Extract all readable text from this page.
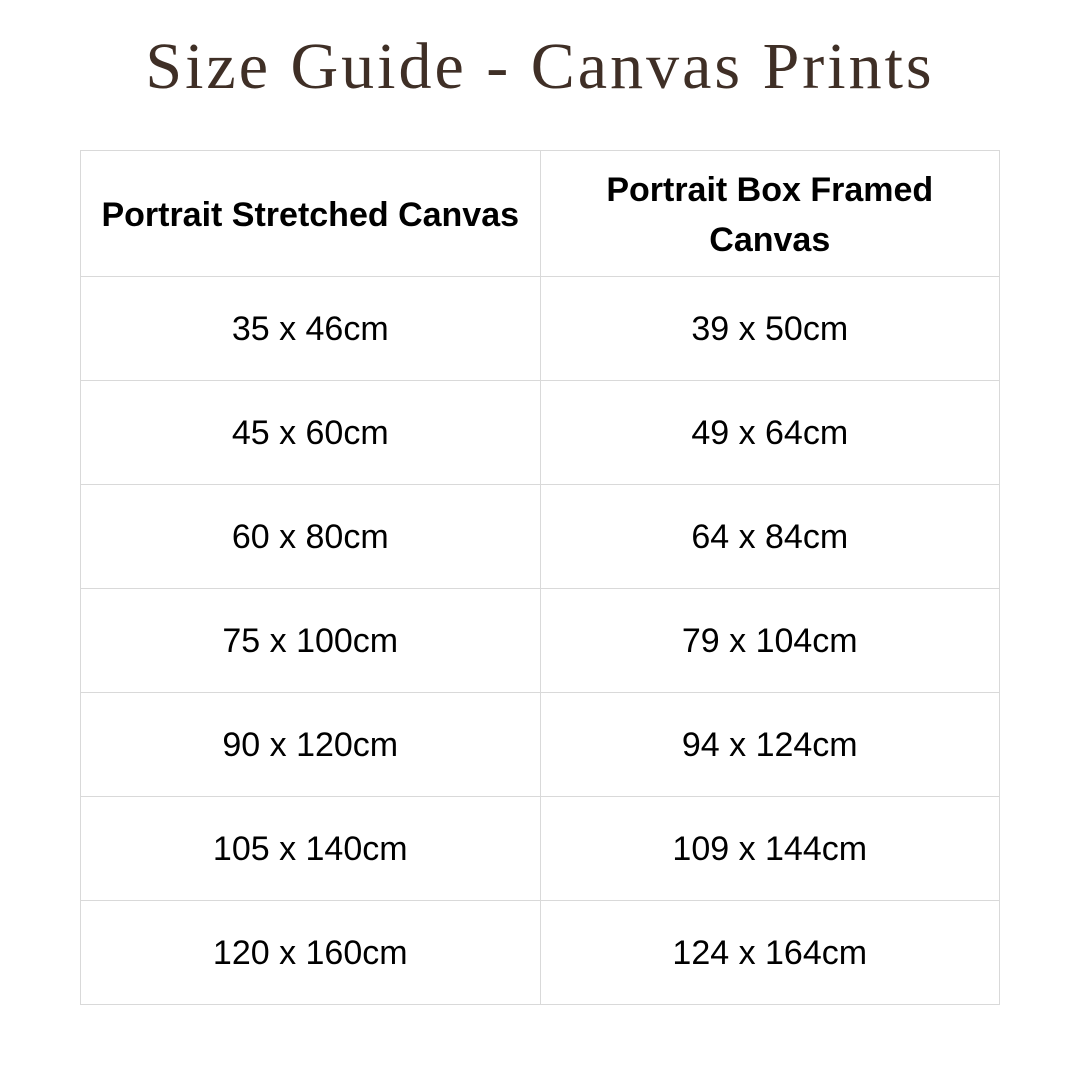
Size Guide - Canvas Prints
Portrait Stretched Canvas	Portrait Box Framed Canvas
35 x 46cm	39 x 50cm
45 x 60cm	49 x 64cm
60 x 80cm	64 x 84cm
75 x 100cm	79 x 104cm
90 x 120cm	94 x 124cm
105 x 140cm	109 x 144cm
120 x 160cm	124 x 164cm
